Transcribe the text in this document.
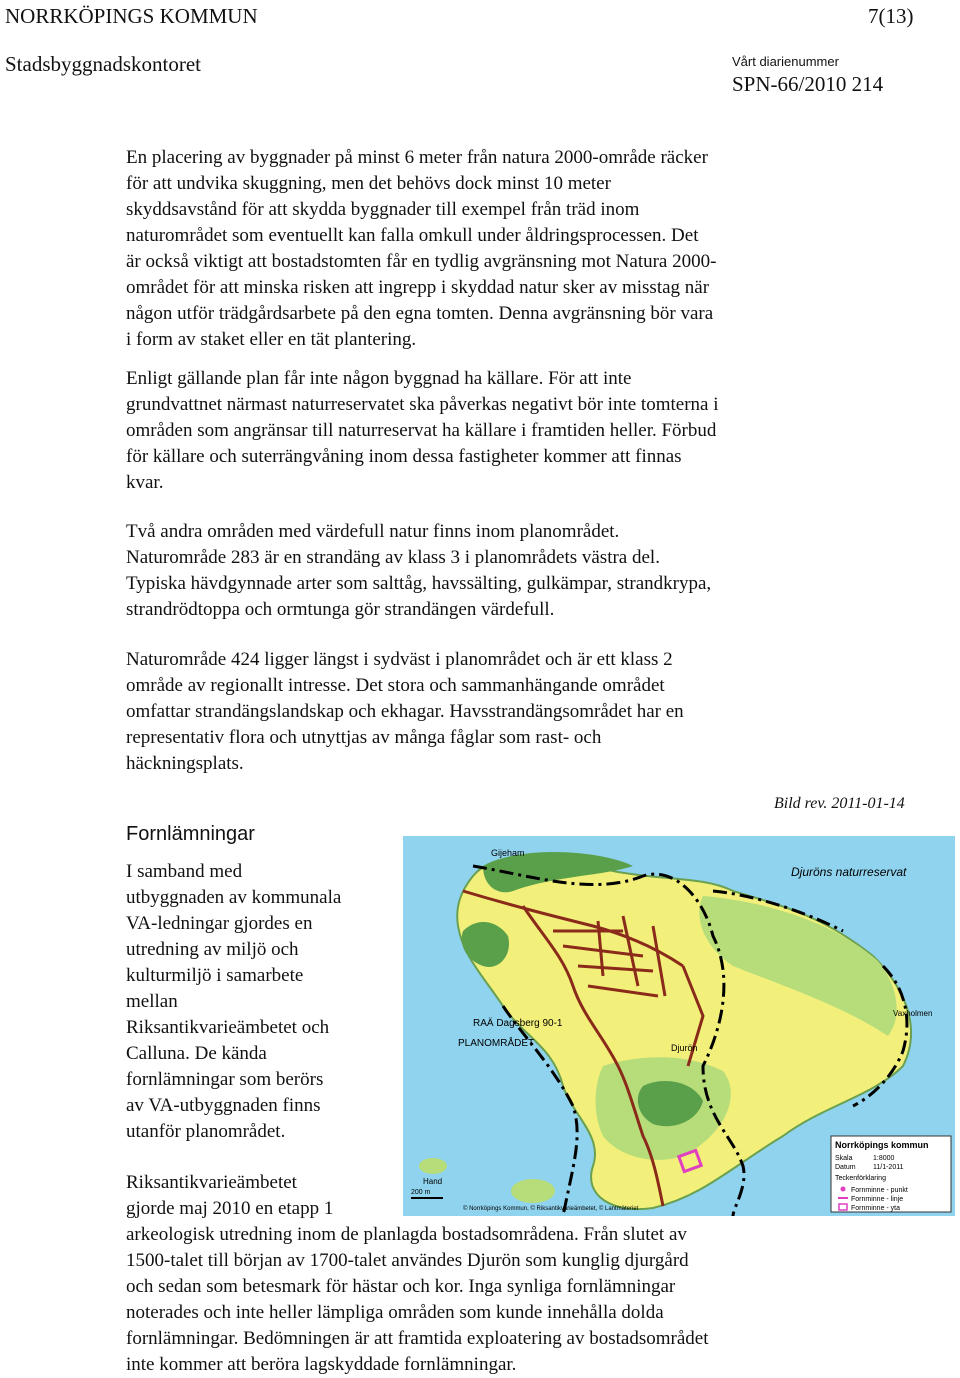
NORRKÖPINGS KOMMUN	7(13)
Stadsbyggnadskontoret	Vårt diarienummer
SPN-66/2010 214
En placering av byggnader på minst 6 meter från natura 2000-område räcker
för att undvika skuggning, men det behövs dock minst 10 meter
skyddsavstånd för att skydda byggnader till exempel från träd inom
naturområdet som eventuellt kan falla omkull under åldringsprocessen. Det
är också viktigt att bostadstomten får en tydlig avgränsning mot Natura 2000-
området för att minska risken att ingrepp i skyddad natur sker av misstag när
någon utför trädgårdsarbete på den egna tomten. Denna avgränsning bör vara
i form av staket eller en tät plantering.
Enligt gällande plan får inte någon byggnad ha källare. För att inte
grundvattnet närmast naturreservatet ska påverkas negativt bör inte tomterna i
områden som angränsar till naturreservat ha källare i framtiden heller. Förbud
för källare och suterrängvåning inom dessa fastigheter kommer att finnas
kvar.
Två andra områden med värdefull natur finns inom planområdet.
Naturområde 283 är en strandäng av klass 3 i planområdets västra del.
Typiska hävdgynnade arter som salttåg, havssälting, gulkämpar, strandkrypa,
strandrödtoppa och ormtunga gör strandängen värdefull.
Naturområde 424 ligger längst i sydväst i planområdet och är ett klass 2
område av regionallt intresse. Det stora och sammanhängande området
omfattar strandängslandskap och ekhagar. Havsstrandängsområdet har en
representativ flora och utnyttjas av många fåglar som rast- och
häckningsplats.
Bild rev. 2011-01-14
Fornlämningar
I samband med
utbyggnaden av kommunala
VA-ledningar gjordes en
utredning av miljö och
kulturmiljö i samarbete
mellan
Riksantikvarieämbetet och
Calluna. De kända
fornlämningar som berörs
av VA-utbyggnaden finns
utanför planområdet.
Riksantikvarieämbetet
gjorde maj 2010 en etapp 1
arkeologisk utredning inom de planlagda bostadsområdena. Från slutet av
1500-talet till början av 1700-talet användes Djurön som kunglig djurgård
och sedan som betesmark för hästar och kor. Inga synliga fornlämningar
noterades och inte heller lämpliga områden som kunde innehålla dolda
fornlämningar. Bedömningen är att framtida exploatering av bostadsområdet
inte kommer att beröra lagskyddade fornlämningar.
Gijeham
Djuröns naturreservat
RAÄ Dagsberg 90-1
PLANOMRÅDET
Vaxholmen
Djurön
Hand
200 m
© Norrköpings Kommun, © Riksantikvarieämbetet, © Lantmäteriet
Norrköpings kommun
Skala	1:8000
Datum 11/1-2011
Teckenförklaring
Fornminne - punkt
Fornminne - linje
Fornminne - yta
